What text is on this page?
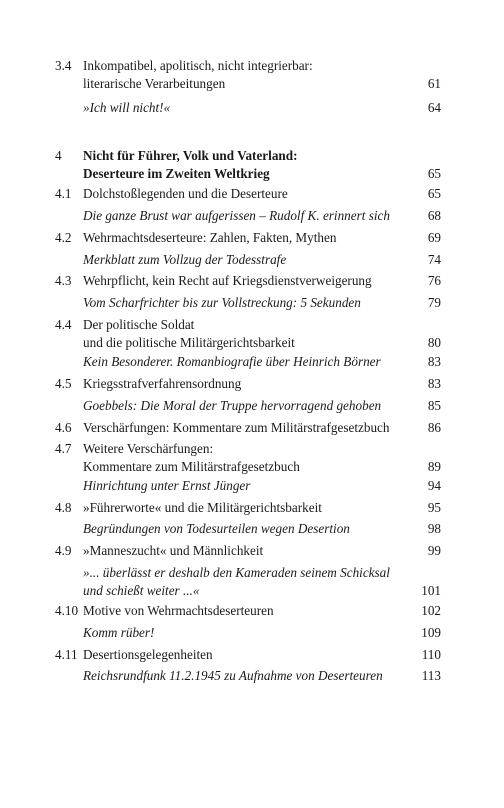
3.4 Inkompatibel, apolitisch, nicht integrierbar:
literarische Verarbeitungen	61
»Ich will nicht!«	64
4	Nicht für Führer, Volk und Vaterland:
Deserteure im Zweiten Weltkrieg	65
4.1 Dolchstoßlegenden und die Deserteure	65
Die ganze Brust war aufgerissen – Rudolf K. erinnert sich	68
4.2 Wehrmachtsdeserteure: Zahlen, Fakten, Mythen	69
Merkblatt zum Vollzug der Todesstrafe	74
4.3 Wehrpflicht, kein Recht auf Kriegsdienstverweigerung	76
Vom Scharfrichter bis zur Vollstreckung: 5 Sekunden	79
4.4 Der politische Soldat
und die politische Militärgerichtsbarkeit	80
Kein Besonderer. Romanbiografie über Heinrich Börner	83
4.5 Kriegsstrafverfahrensordnung	83
Goebbels: Die Moral der Truppe hervorragend gehoben	85
4.6 Verschärfungen: Kommentare zum Militärstrafgesetzbuch	86
4.7 Weitere Verschärfungen:
Kommentare zum Militärstrafgesetzbuch	89
Hinrichtung unter Ernst Jünger	94
4.8 »Führerworte« und die Militärgerichtsbarkeit	95
Begründungen von Todesurteilen wegen Desertion	98
4.9 »Manneszucht« und Männlichkeit	99
»... überlässt er deshalb den Kameraden seinem Schicksal
und schießt weiter ...«	101
4.10 Motive von Wehrmachtsdeserteuren	102
Komm rüber!	109
4.11 Desertionsgelegenheiten	110
Reichsrundfunk 11.2.1945 zu Aufnahme von Deserteuren	113
